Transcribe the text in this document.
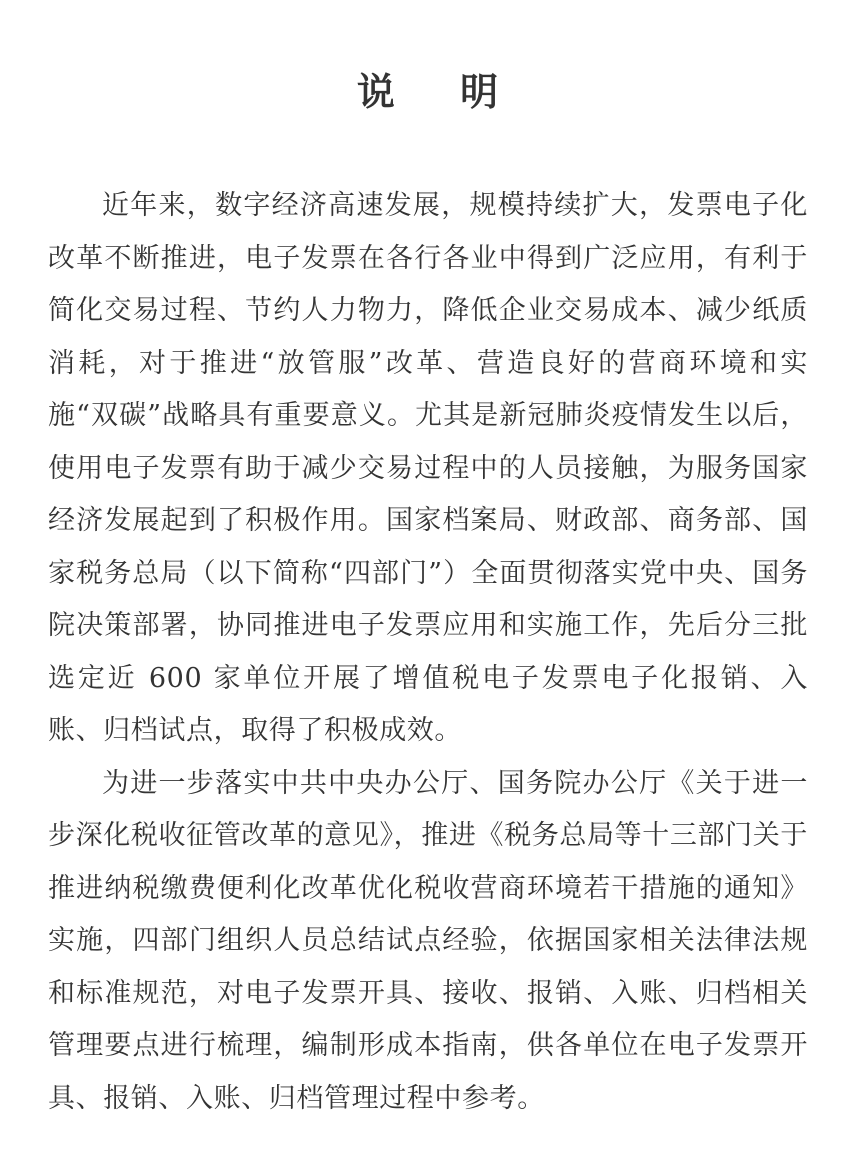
说 明

近年来，数字经济高速发展，规模持续扩大，发票电子化改革不断推进，电子发票在各行各业中得到广泛应用，有利于简化交易过程、节约人力物力，降低企业交易成本、减少纸质消耗，对于推进“放管服”改革、营造良好的营商环境和实施“双碳”战略具有重要意义。尤其是新冠肺炎疫情发生以后，使用电子发票有助于减少交易过程中的人员接触，为服务国家经济发展起到了积极作用。国家档案局、财政部、商务部、国家税务总局（以下简称“四部门”）全面贯彻落实党中央、国务院决策部署，协同推进电子发票应用和实施工作，先后分三批选定近 600 家单位开展了增值税电子发票电子化报销、入账、归档试点，取得了积极成效。

为进一步落实中共中央办公厅、国务院办公厅《关于进一步深化税收征管改革的意见》，推进《税务总局等十三部门关于推进纳税缴费便利化改革优化税收营商环境若干措施的通知》实施，四部门组织人员总结试点经验，依据国家相关法律法规和标准规范，对电子发票开具、接收、报销、入账、归档相关管理要点进行梳理，编制形成本指南，供各单位在电子发票开具、报销、入账、归档管理过程中参考。
